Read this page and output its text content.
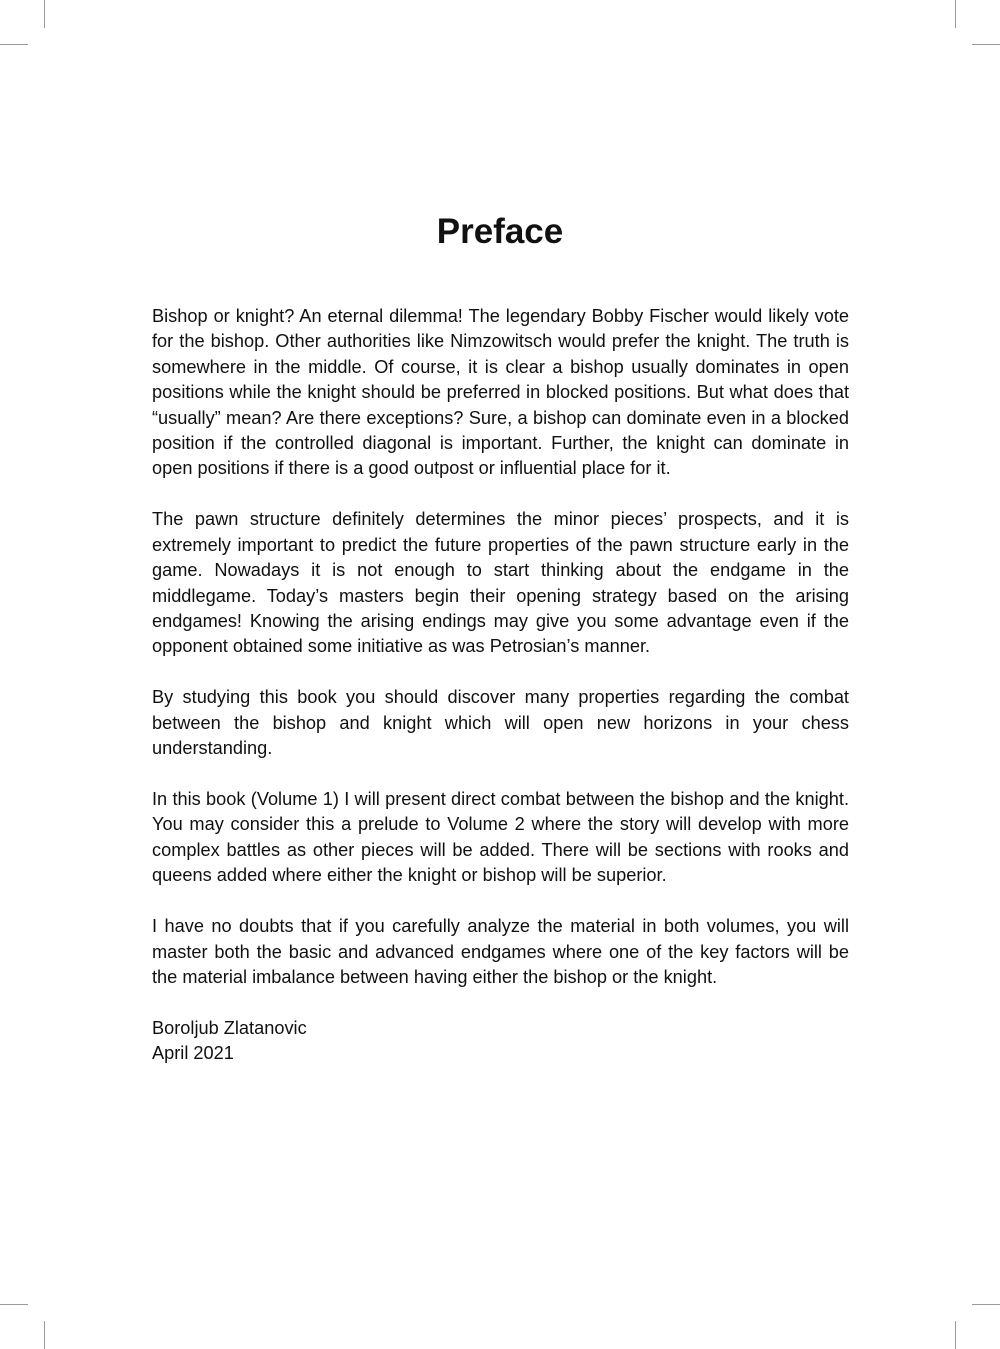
Preface

Bishop or knight? An eternal dilemma! The legendary Bobby Fischer would likely vote for the bishop. Other authorities like Nimzowitsch would prefer the knight. The truth is somewhere in the middle. Of course, it is clear a bishop usually dominates in open positions while the knight should be preferred in blocked positions. But what does that “usually” mean? Are there exceptions? Sure, a bishop can dominate even in a blocked position if the controlled diagonal is important. Further, the knight can dominate in open positions if there is a good outpost or influential place for it.

The pawn structure definitely determines the minor pieces’ prospects, and it is extremely important to predict the future properties of the pawn structure early in the game. Nowadays it is not enough to start thinking about the endgame in the middlegame. Today’s masters begin their opening strategy based on the arising endgames! Knowing the arising endings may give you some advantage even if the opponent obtained some initiative as was Petrosian’s manner.

By studying this book you should discover many properties regarding the combat between the bishop and knight which will open new horizons in your chess understanding.

In this book (Volume 1) I will present direct combat between the bishop and the knight. You may consider this a prelude to Volume 2 where the story will develop with more complex battles as other pieces will be added. There will be sections with rooks and queens added where either the knight or bishop will be superior.

I have no doubts that if you carefully analyze the material in both volumes, you will master both the basic and advanced endgames where one of the key factors will be the material imbalance between having either the bishop or the knight.

Boroljub Zlatanovic
April 2021
